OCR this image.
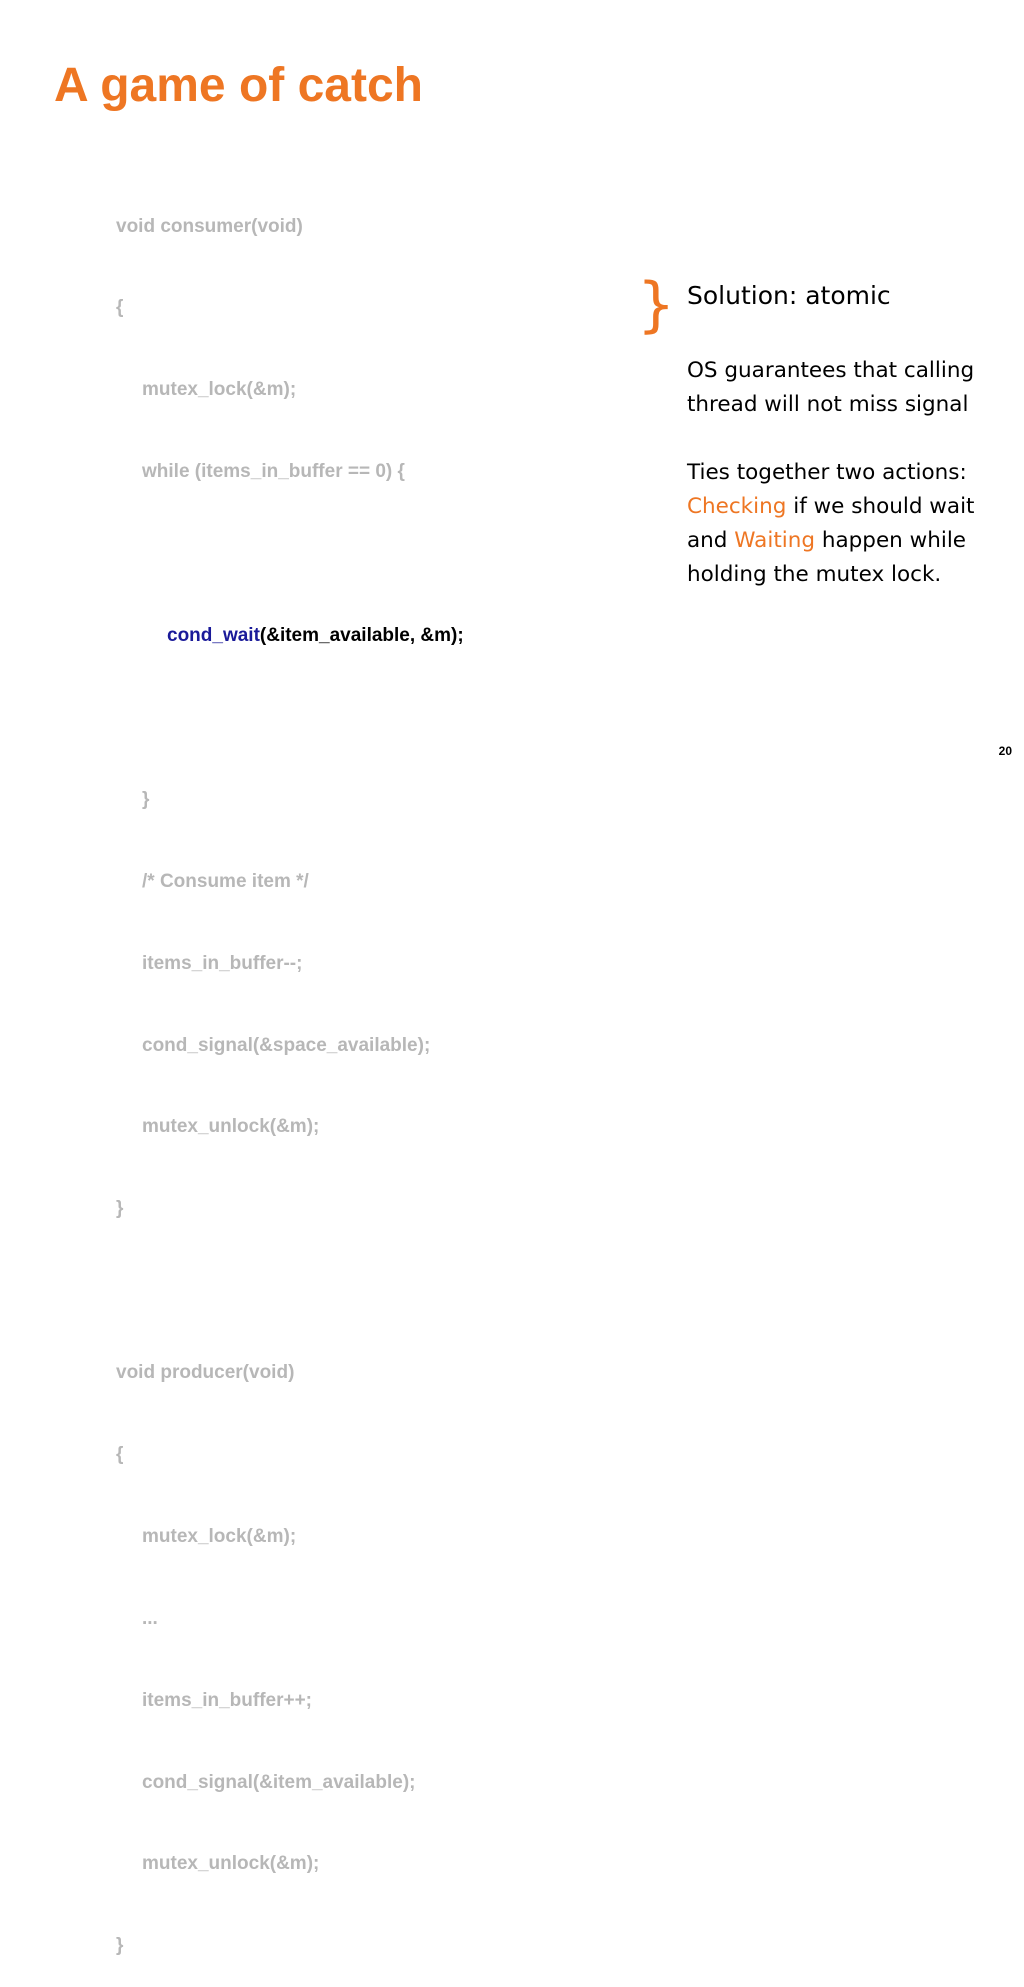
A game of catch

void consumer(void)

{

mutex_lock(&m);

while (items_in_buffer == 0) {

cond_wait(&item_available, &m);

}

/* Consume item */

items_in_buffer--;

cond_signal(&space_available);

mutex_unlock(&m);

}

void producer(void)

{

mutex_lock(&m);

...

items_in_buffer++;

cond_signal(&item_available);

mutex_unlock(&m);

}

} Solution: atomic
OS guarantees that calling thread will not miss signal
Ties together two actions: Checking if we should wait and Waiting happen while holding the mutex lock.
20
